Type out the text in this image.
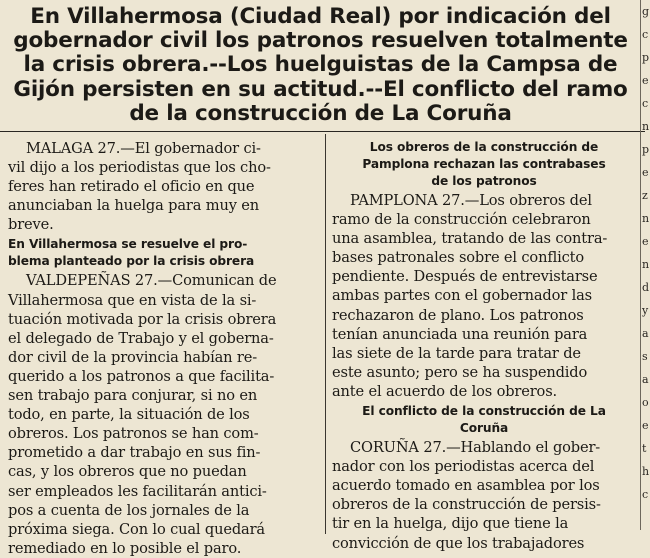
En Villahermosa (Ciudad Real) por indicación del
gobernador civil los patronos resuelven totalmente
la crisis obrera.--Los huelguistas de la Campsa de
Gijón persisten en su actitud.--El conflicto del ramo
de la construcción de La Coruña
g
c
p
e
c
n
p
e
z
n
e
n
d
y
a
s
a
o
e
t
h
c

MALAGA 27.—El gobernador ci-
vil dijo a los periodistas que los cho-
feres han retirado el oficio en que
anunciaban la huelga para muy en
breve.

En Villahermosa se resuelve el pro-
blema planteado por la crisis obrera

VALDEPEÑAS 27.—Comunican de
Villahermosa que en vista de la si-
tuación motivada por la crisis obrera
el delegado de Trabajo y el goberna-
dor civil de la provincia habían re-
querido a los patronos a que facilita-
sen trabajo para conjurar, si no en
todo, en parte, la situación de los
obreros. Los patronos se han com-
prometido a dar trabajo en sus fin-
cas, y los obreros que no puedan
ser empleados les facilitarán antici-
pos a cuenta de los jornales de la
próxima siega. Con lo cual quedará
remediado en lo posible el paro.

Los obreros de la construcción de
Pamplona rechazan las contrabases
de los patronos

PAMPLONA 27.—Los obreros del
ramo de la construcción celebraron
una asamblea, tratando de las contra-
bases patronales sobre el conflicto
pendiente. Después de entrevistarse
ambas partes con el gobernador las
rechazaron de plano. Los patronos
tenían anunciada una reunión para
las siete de la tarde para tratar de
este asunto; pero se ha suspendido
ante el acuerdo de los obreros.

El conflicto de la construcción de La
Coruña

CORUÑA 27.—Hablando el gober-
nador con los periodistas acerca del
acuerdo tomado en asamblea por los
obreros de la construcción de persis-
tir en la huelga, dijo que tiene la
convicción de que los trabajadores
